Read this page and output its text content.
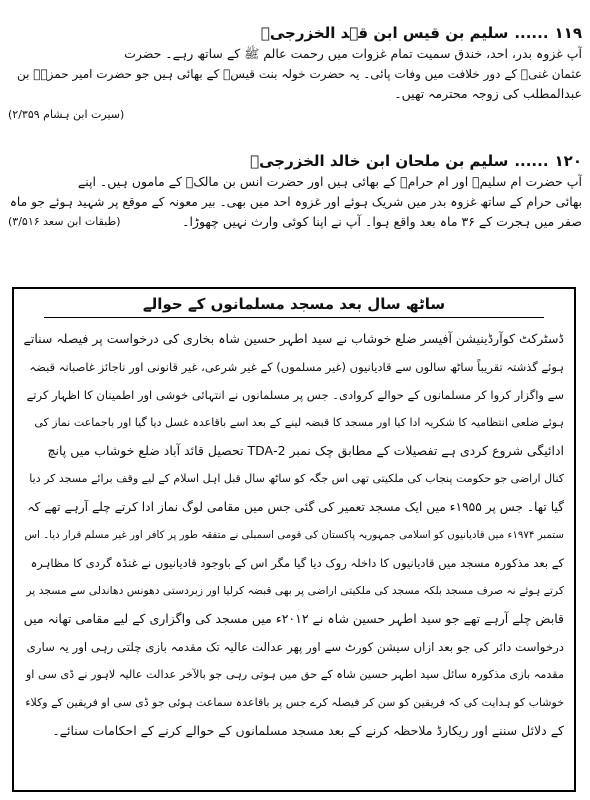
۱۱۹
......
سلیم بن قیس ابن قہد الخزرجیؓ
آپ غزوہ بدر، احد، خندق سمیت تمام غزوات میں رحمت عالم ﷺ کے ساتھ رہے۔ حضرت
عثمان غنیؓ کے دور خلافت میں وفات پائی۔ یہ حضرت خولہ بنت قیسؓ کے بھائی ہیں جو حضرت امیر حمزہؓ بن
عبدالمطلب کی زوجہ محترمہ تھیں۔
(سیرت ابن ہشام ۲/۳۵۹)
۱۲۰
......
سلیم بن ملحان ابن خالد الخزرجیؓ
آپ حضرت ام سلیمؓ اور ام حرامؓ کے بھائی ہیں اور حضرت انس بن مالکؓ کے ماموں ہیں۔ اپنے
بھائی حرام کے ساتھ غزوہ بدر میں شریک ہوئے اور غزوہ احد میں بھی۔ بیر معونہ کے موقع پر شہید ہوئے جو ماہ
صفر میں ہجرت کے ۳۶ ماہ بعد واقع ہوا۔ آپ نے اپنا کوئی وارث نہیں چھوڑا۔
(طبقات ابن سعد ۳/۵۱۶)
ساٹھ سال بعد مسجد مسلمانوں کے حوالے
ڈسٹرکٹ کوآرڈینیشن آفیسر ضلع خوشاب نے سید اطہر حسین شاہ بخاری کی درخواست پر فیصلہ سناتے
ہوئے گذشتہ تقریباً ساٹھ سالوں سے قادیانیوں (غیر مسلموں) کے غیر شرعی، غیر قانونی اور ناجائز غاصبانہ قبضہ
سے واگزار کروا کر مسلمانوں کے حوالے کروادی۔ جس پر مسلمانوں نے انتہائی خوشی اور اطمینان کا اظہار کرتے
ہوئے ضلعی انتظامیہ کا شکریہ ادا کیا اور مسجد کا قبضہ لینے کے بعد اسے باقاعدہ غسل دیا گیا اور باجماعت نماز کی
ادائیگی شروع کردی ہے تفصیلات کے مطابق چک نمبر 2-TDA تحصیل قائد آباد ضلع خوشاب میں پانچ
کنال اراضی جو حکومت پنجاب کی ملکیتی تھی اس جگہ کو ساٹھ سال قبل اہل اسلام کے لیے وقف برائے مسجد کر دیا
گیا تھا۔ جس پر ۱۹۵۵ء میں ایک مسجد تعمیر کی گئی جس میں مقامی لوگ نماز ادا کرتے چلے آرہے تھے کہ
ستمبر ۱۹۷۴ء میں قادیانیوں کو اسلامی جمہوریہ پاکستان کی قومی اسمبلی نے متفقہ طور پر کافر اور غیر مسلم قرار دیا۔ اس
کے بعد مذکورہ مسجد میں قادیانیوں کا داخلہ روک دیا گیا مگر اس کے باوجود قادیانیوں نے غنڈہ گردی کا مظاہرہ
کرتے ہوئے نہ صرف مسجد بلکہ مسجد کی ملکیتی اراضی پر بھی قبضہ کرلیا اور زبردستی دھونس دھاندلی سے مسجد پر
قابض چلے آرہے تھے جو سید اطہر حسین شاہ نے ۲۰۱۲ء میں مسجد کی واگزاری کے لیے مقامی تھانہ میں
درخواست دائر کی جو بعد ازاں سیشن کورٹ سے اور پھر عدالت عالیہ تک مقدمہ بازی چلتی رہی اور یہ ساری
مقدمہ بازی مذکورہ سائل سید اطہر حسین شاہ کے حق میں ہوتی رہی جو بالآخر عدالت عالیہ لاہور نے ڈی سی او
خوشاب کو ہدایت کی کہ فریقین کو سن کر فیصلہ کرے جس پر باقاعدہ سماعت ہوئی جو ڈی سی او فریقین کے وکلاء
کے دلائل سننے اور ریکارڈ ملاحظہ کرنے کے بعد مسجد مسلمانوں کے حوالے کرنے کے احکامات سنائے۔
